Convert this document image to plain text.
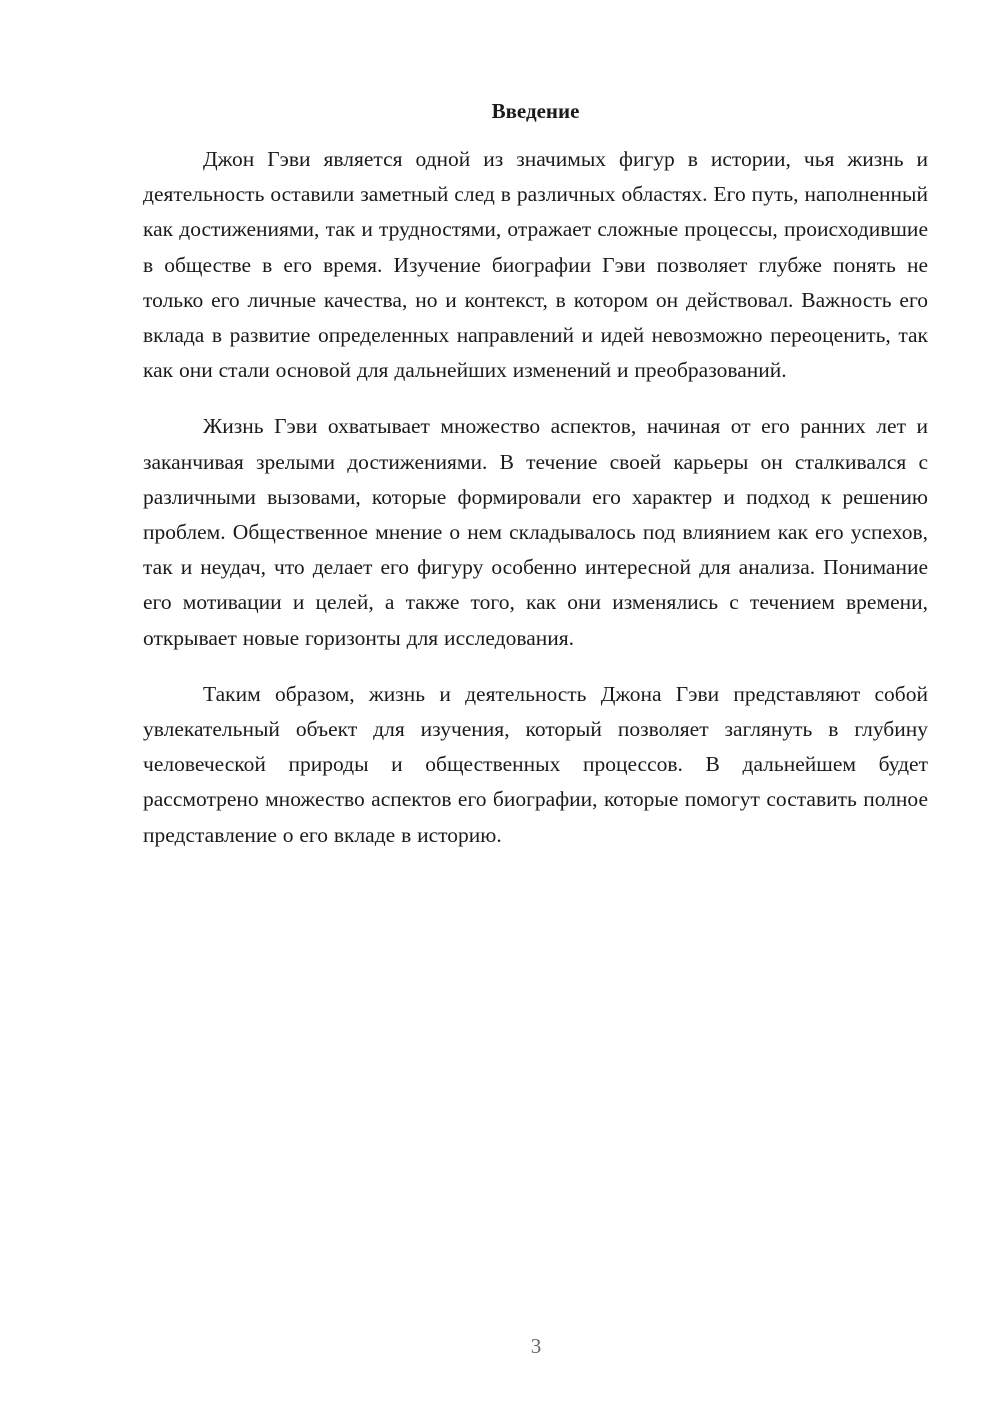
Введение

Джон Гэви является одной из значимых фигур в истории, чья жизнь и деятельность оставили заметный след в различных областях. Его путь, наполненный как достижениями, так и трудностями, отражает сложные процессы, происходившие в обществе в его время. Изучение биографии Гэви позволяет глубже понять не только его личные качества, но и контекст, в котором он действовал. Важность его вклада в развитие определенных направлений и идей невозможно переоценить, так как они стали основой для дальнейших изменений и преобразований.

Жизнь Гэви охватывает множество аспектов, начиная от его ранних лет и заканчивая зрелыми достижениями. В течение своей карьеры он сталкивался с различными вызовами, которые формировали его характер и подход к решению проблем. Общественное мнение о нем складывалось под влиянием как его успехов, так и неудач, что делает его фигуру особенно интересной для анализа. Понимание его мотивации и целей, а также того, как они изменялись с течением времени, открывает новые горизонты для исследования.

Таким образом, жизнь и деятельность Джона Гэви представляют собой увлекательный объект для изучения, который позволяет заглянуть в глубину человеческой природы и общественных процессов. В дальнейшем будет рассмотрено множество аспектов его биографии, которые помогут составить полное представление о его вкладе в историю.

3
